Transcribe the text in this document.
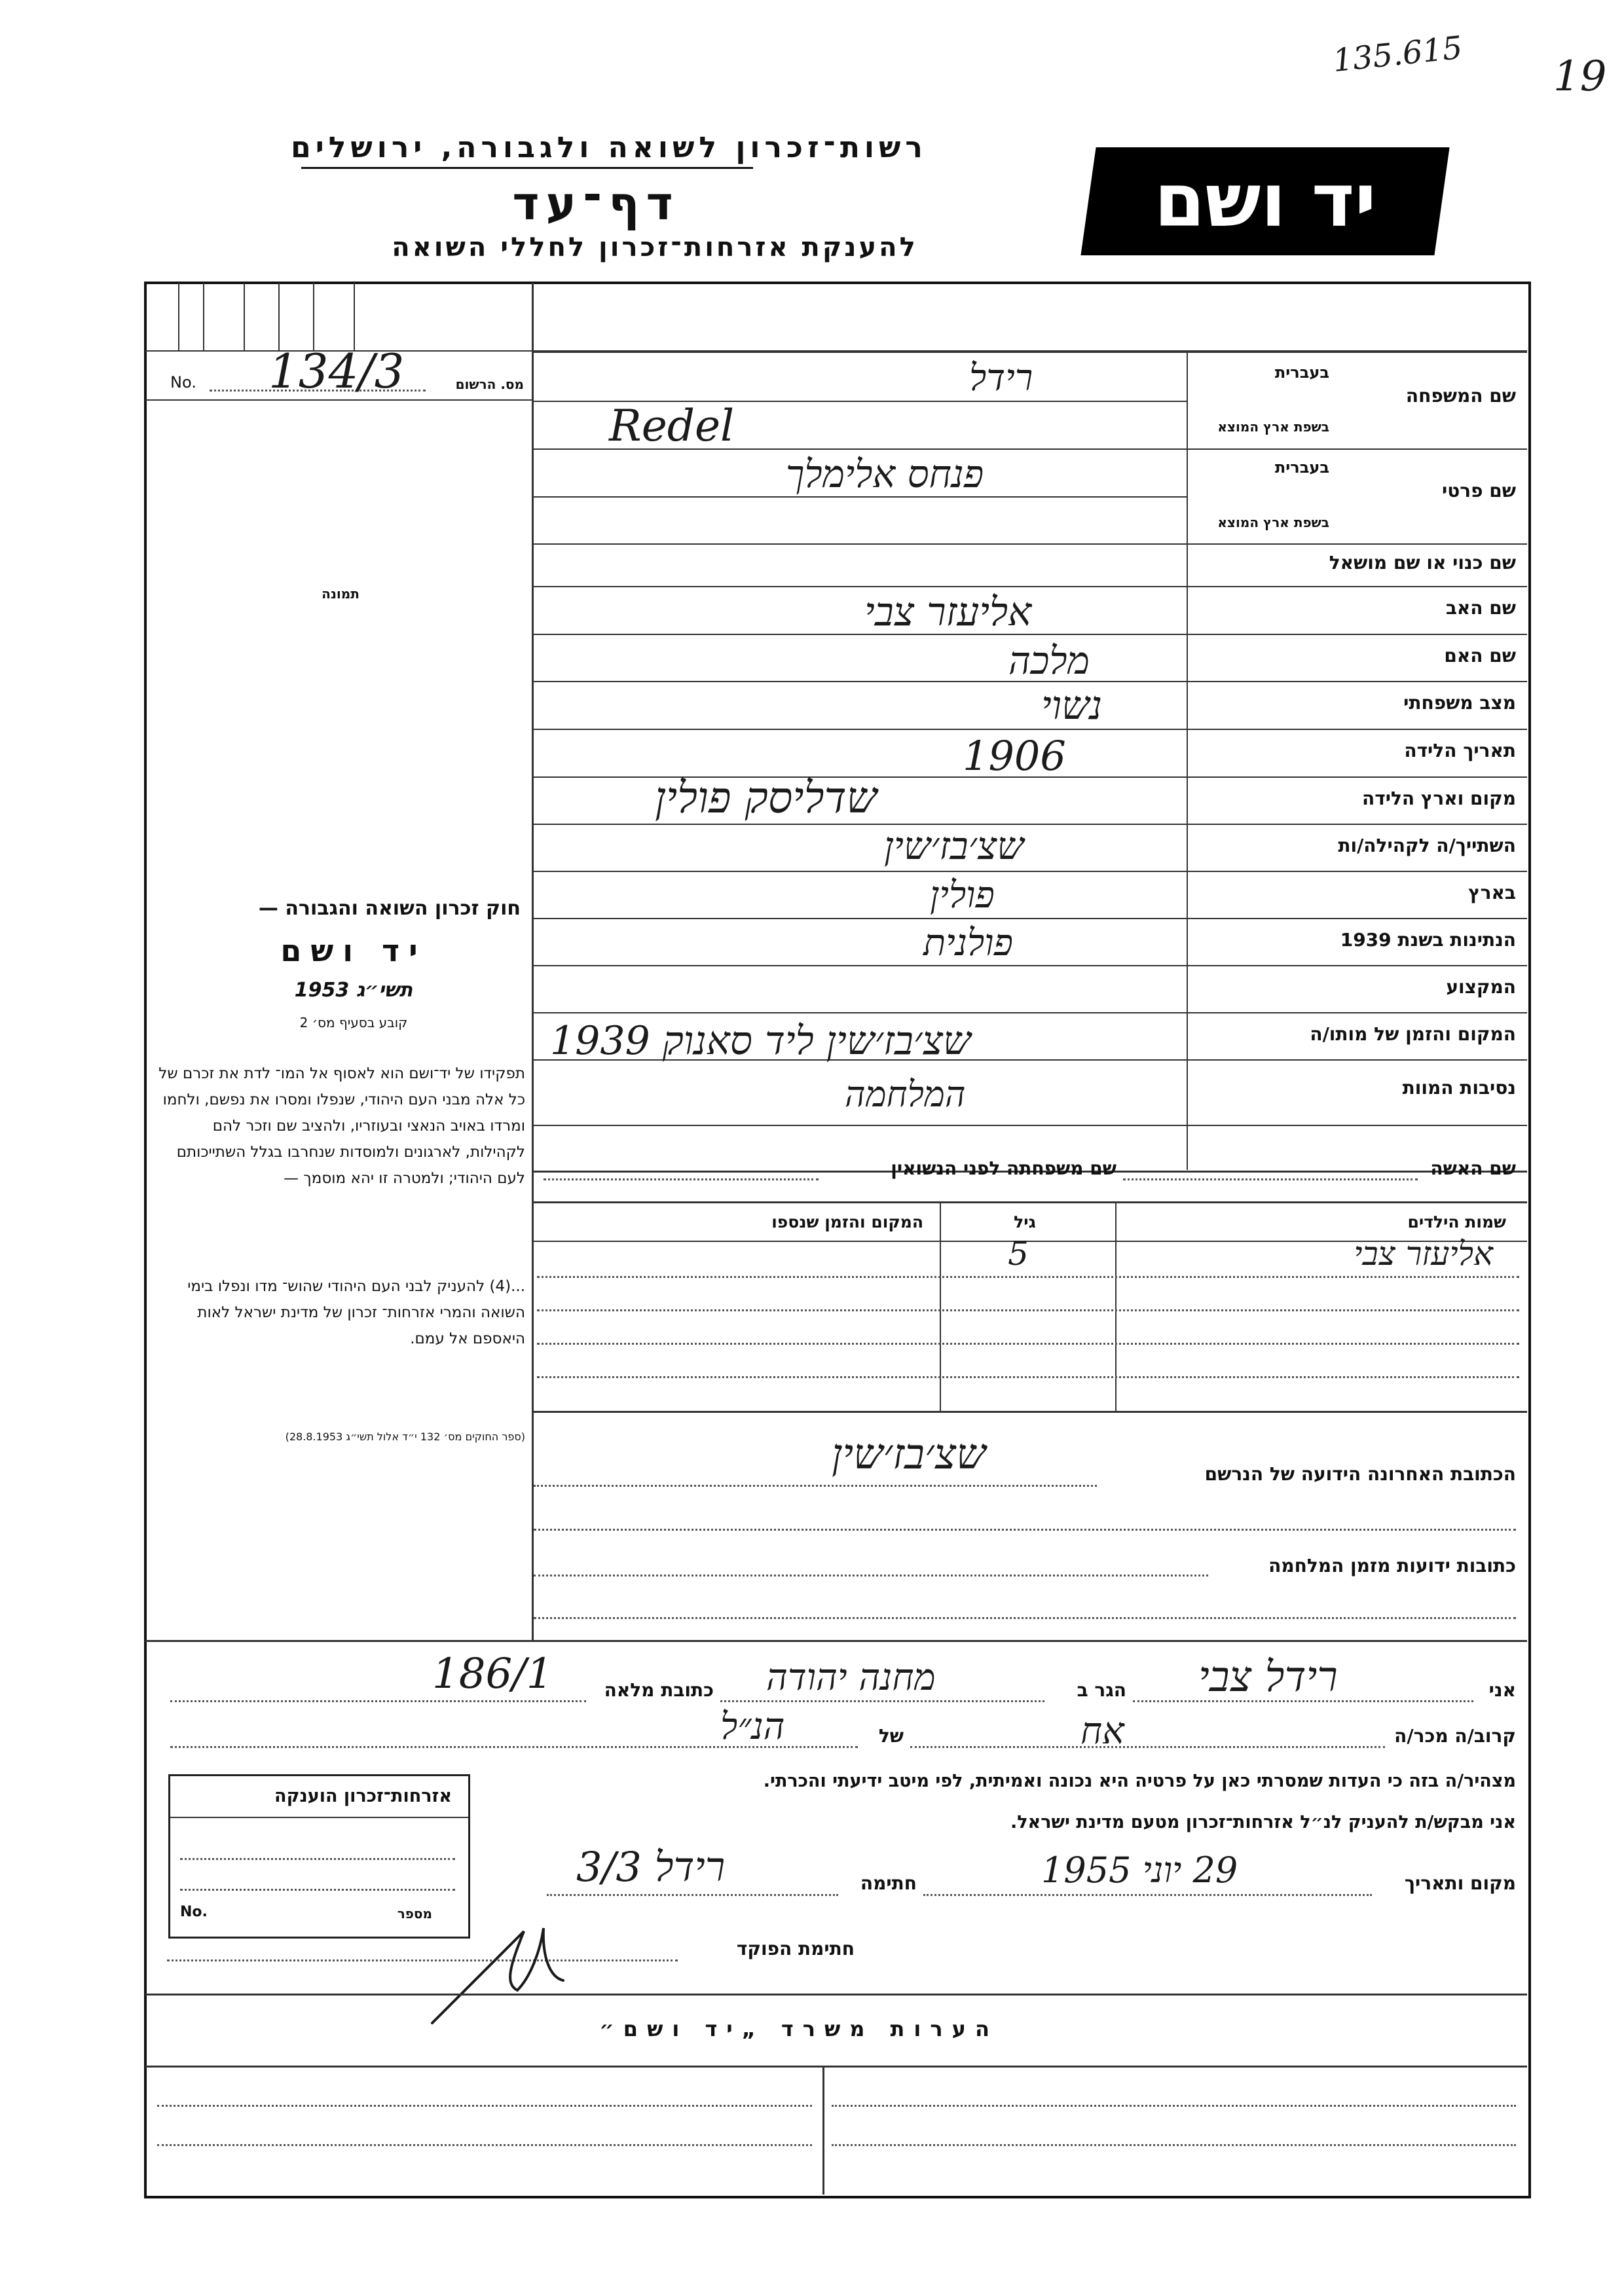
135.615 19
יד ושם
רשות־זכרון לשואה ולגבורה, ירושלים
דף־עד
להענקת אזרחות־זכרון לחללי השואה
No. 134/3	מס. הרשום
תמונה
חוק זכרון השואה והגבורה —
יד ושם
תשי״ג 1953
קובע בסעיף מס׳ 2
תפקידו של יד־ושם הוא לאסוף אל המו־ לדת את זכרם של כל אלה מבני העם היהודי, שנפלו ומסרו את נפשם, ולחמו ומרדו באויב הנאצי ובעוזריו, ולהציב שם וזכר להם לקהילות, לארגונים ולמוסדות שנחרבו בגלל השתייכותם לעם היהודי; ולמטרה זו יהא מוסמך —
...(4) להעניק לבני העם היהודי שהוש־ מדו ונפלו בימי השואה והמרי אזרחות־ זכרון של מדינת ישראל לאות היאספם אל עמם.
(ספר החוקים מס׳ 132 י״ד אלול תשי״ג 28.8.1953)
שם המשפחה
בעברית
בשפת ארץ המוצא
רידל
Redel
שם פרטי
בעברית
בשפת ארץ המוצא
פנחס אלימלך
שם כנוי או שם מושאל
שם האב
אליעזר צבי
שם האם
מלכה
מצב משפחתי
נשוי
תאריך הלידה
1906
מקום וארץ הלידה
שדליסק פולין
השתייך/ה לקהילה/ות
שצ׳בז׳שין
בארץ
פולין
הנתינות בשנת 1939
פולנית
המקצוע
המקום והזמן של מותו/ה
שצ׳בז׳שין ליד סאנוק 1939
נסיבות המוות
המלחמה
שם האשה
שם משפחתה לפני הנשואין
שמות הילדים
גיל
המקום והזמן שנספו
אליעזר צבי
5
הכתובת האחרונה הידועה של הנרשם
שצ׳בז׳שין
כתובות ידועות מזמן המלחמה
אני
רידל צבי
הגר ב
מחנה יהודה
כתובת מלאה
186/1
קרוב/ה מכר/ה
אח
של
הנ״ל
מצהיר/ה בזה כי העדות שמסרתי כאן על פרטיה היא נכונה ואמיתית, לפי מיטב ידיעתי והכרתי.
אני מבקש/ת להעניק לנ״ל אזרחות־זכרון מטעם מדינת ישראל.
מקום ותאריך
29 יוני 1955
חתימה
רידל 3/3
חתימת הפוקד
אזרחות־זכרון הוענקה
No.	מספר
הערות משרד „יד ושם״
